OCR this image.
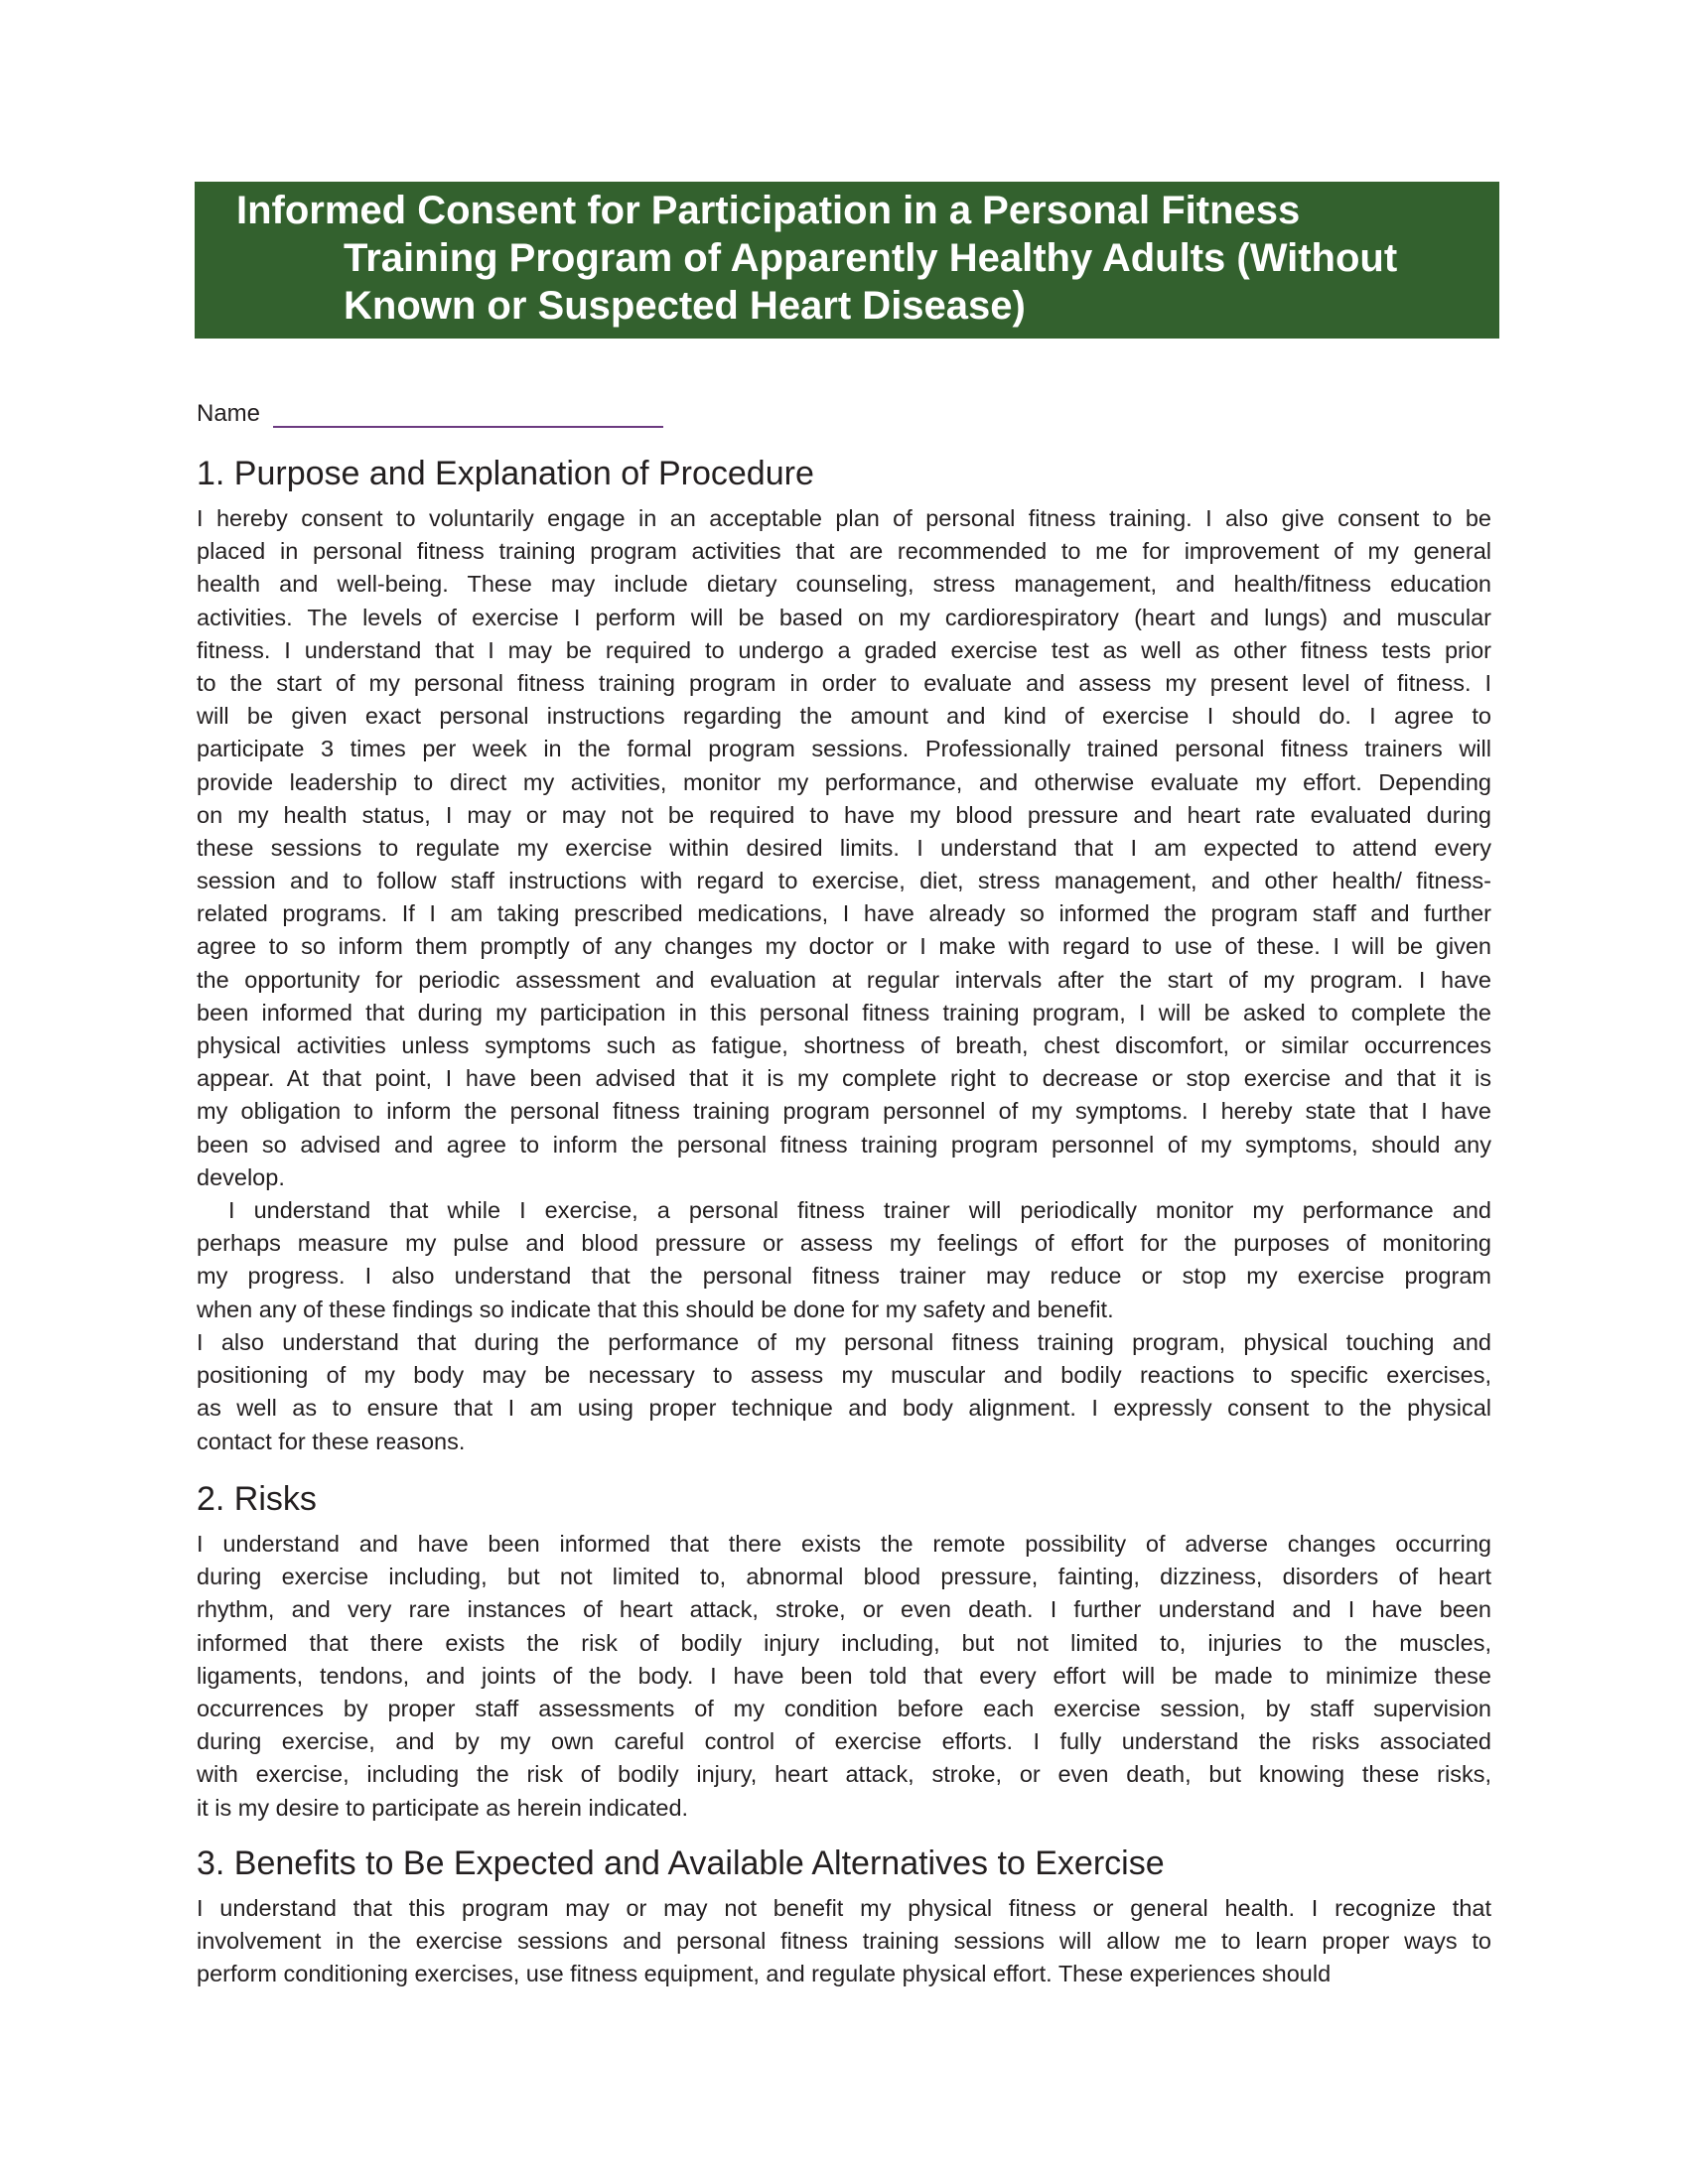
Informed Consent for Participation in a Personal Fitness
Training Program of Apparently Healthy Adults (Without
Known or Suspected Heart Disease)
Name
1. Purpose and Explanation of Procedure
I hereby consent to voluntarily engage in an acceptable plan of personal fitness training. I also give consent to be
placed in personal fitness training program activities that are recommended to me for improvement of my general
health and well-being. These may include dietary counseling, stress management, and health/fitness education
activities. The levels of exercise I perform will be based on my cardiorespiratory (heart and lungs) and muscular
fitness. I understand that I may be required to undergo a graded exercise test as well as other fitness tests prior
to the start of my personal fitness training program in order to evaluate and assess my present level of fitness. I
will be given exact personal instructions regarding the amount and kind of exercise I should do. I agree to
participate 3 times per week in the formal program sessions. Professionally trained personal fitness trainers will
provide leadership to direct my activities, monitor my performance, and otherwise evaluate my effort. Depending
on my health status, I may or may not be required to have my blood pressure and heart rate evaluated during
these sessions to regulate my exercise within desired limits. I understand that I am expected to attend every
session and to follow staff instructions with regard to exercise, diet, stress management, and other health/ fitness-
related programs. If I am taking prescribed medications, I have already so informed the program staff and further
agree to so inform them promptly of any changes my doctor or I make with regard to use of these. I will be given
the opportunity for periodic assessment and evaluation at regular intervals after the start of my program. I have
been informed that during my participation in this personal fitness training program, I will be asked to complete the
physical activities unless symptoms such as fatigue, shortness of breath, chest discomfort, or similar occurrences
appear. At that point, I have been advised that it is my complete right to decrease or stop exercise and that it is
my obligation to inform the personal fitness training program personnel of my symptoms. I hereby state that I have
been so advised and agree to inform the personal fitness training program personnel of my symptoms, should any
develop.
I understand that while I exercise, a personal fitness trainer will periodically monitor my performance and
perhaps measure my pulse and blood pressure or assess my feelings of effort for the purposes of monitoring
my progress. I also understand that the personal fitness trainer may reduce or stop my exercise program
when any of these findings so indicate that this should be done for my safety and benefit.
I also understand that during the performance of my personal fitness training program, physical touching and
positioning of my body may be necessary to assess my muscular and bodily reactions to specific exercises,
as well as to ensure that I am using proper technique and body alignment. I expressly consent to the physical
contact for these reasons.
2. Risks
I understand and have been informed that there exists the remote possibility of adverse changes occurring
during exercise including, but not limited to, abnormal blood pressure, fainting, dizziness, disorders of heart
rhythm, and very rare instances of heart attack, stroke, or even death. I further understand and I have been
informed that there exists the risk of bodily injury including, but not limited to, injuries to the muscles,
ligaments, tendons, and joints of the body. I have been told that every effort will be made to minimize these
occurrences by proper staff assessments of my condition before each exercise session, by staff supervision
during exercise, and by my own careful control of exercise efforts. I fully understand the risks associated
with exercise, including the risk of bodily injury, heart attack, stroke, or even death, but knowing these risks,
it is my desire to participate as herein indicated.
3. Benefits to Be Expected and Available Alternatives to Exercise
I understand that this program may or may not benefit my physical fitness or general health. I recognize that
involvement in the exercise sessions and personal fitness training sessions will allow me to learn proper ways to
perform conditioning exercises, use fitness equipment, and regulate physical effort. These experiences should
